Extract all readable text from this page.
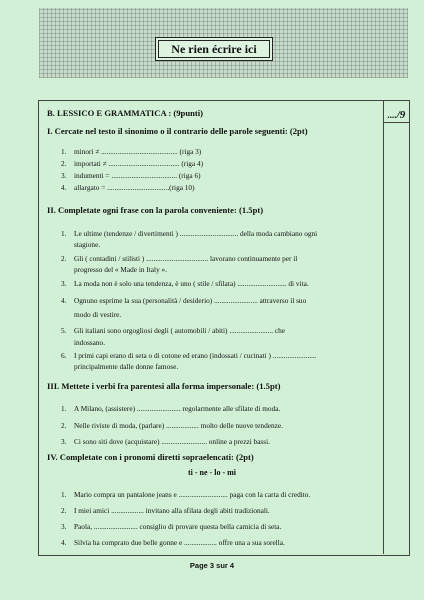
Ne rien écrire ici
..../9
B. LESSICO E GRAMMATICA : (9punti)
I. Cercate nel testo il sinonimo o il contrario delle parole seguenti: (2pt)
1. minori ≠ .......................................... (riga 3)
2. importati ≠ ....................................... (riga 4)
3. indumenti = .................................... (riga 6)
4. allargato = ..................................(riga 10)
II. Completate ogni frase con la parola conveniente: (1.5pt)
1. Le ultime (tendenze / divertimenti ) ................................ della moda cambiano ogni
stagione.
2. Gli ( contadini / stilisti ) .................................. lavorano continuamente per il
progresso del « Made in Italy ».
3. La moda non è solo una tendenza, è uno ( stile / sfilata) ........................... di vita.
4. Ognuno esprime la sua (personalità / desiderio) ........................ attraverso il suo
modo di vestire.
5. Gli italiani sono orgogliosi degli ( automobili / abiti) ........................ che
indossano.
6. I primi capi erano di seta o di cotone ed erano (indossati / cucinati ) ........................
principalmente dalle donne famose.
III. Mettete i verbi fra parentesi alla forma impersonale: (1.5pt)
1. A Milano, (assistere) ........................ regolarmente alle sfilate di moda.
2. Nelle riviste di moda, (parlare) .................. molto delle nuove tendenze.
3. Ci sono siti dove (acquistare) ......................... online a prezzi bassi.
IV. Completate con i pronomi diretti sopraelencati: (2pt)
ti - ne - lo - mi
1. Mario compra un pantalone jeans e ........................... paga con la carta di credito.
2. I miei amici .................. invitano alla sfilata degli abiti tradizionali.
3. Paola, ........................ consiglio di provare questa bella camicia di seta.
4. Silvia ha comprato due belle gonne e .................. offre una a sua sorella.
Page 3 sur 4
